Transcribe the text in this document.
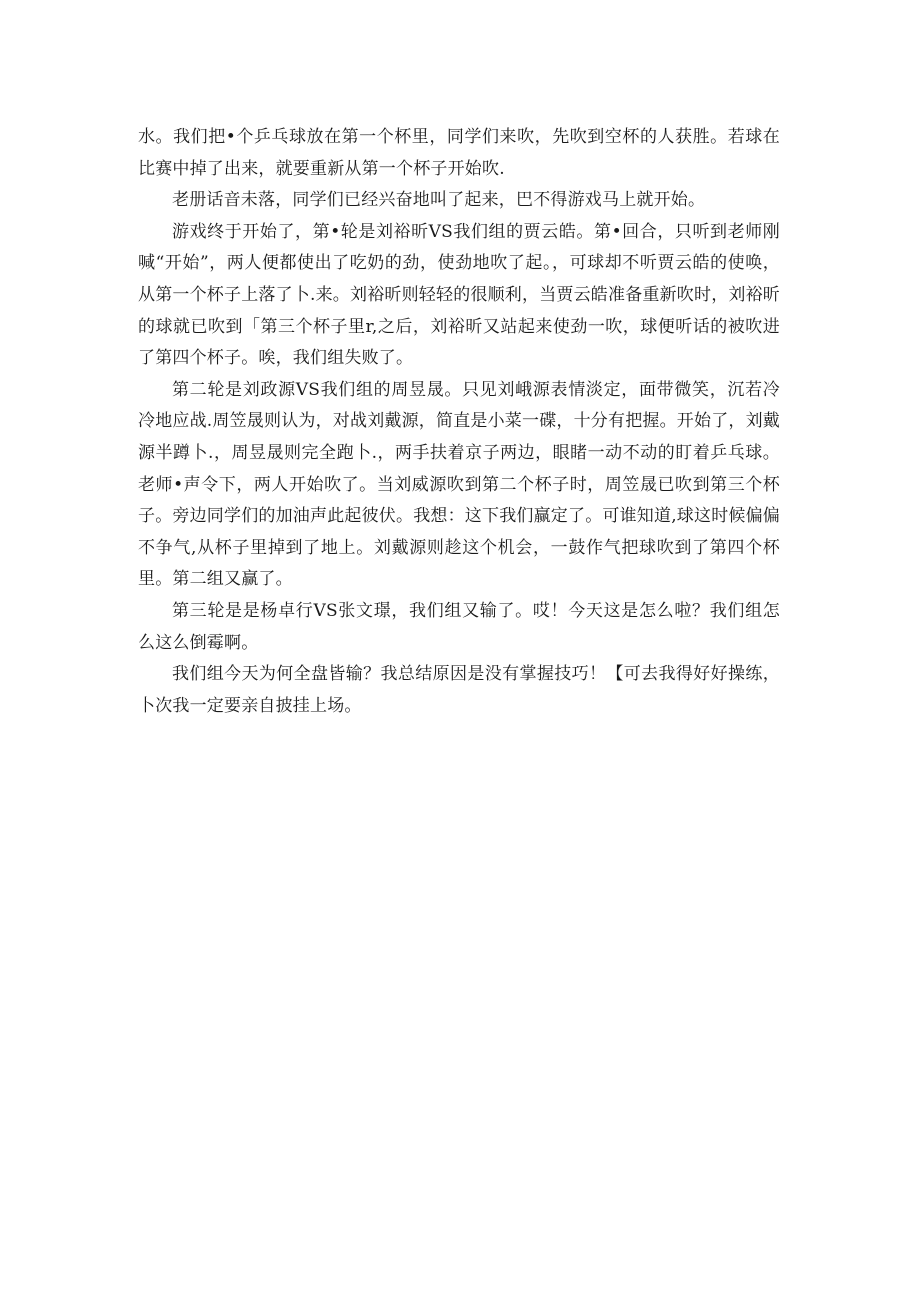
水。我们把•个乒乓球放在第一个杯里，同学们来吹，先吹到空杯的人获胜。若球在比赛中掉了出来，就要重新从第一个杯子开始吹.

老册话音未落，同学们已经兴奋地叫了起来，巴不得游戏马上就开始。

游戏终于开始了，第•轮是刘裕昕VS我们组的贾云皓。第•回合，只听到老师刚喊“开始”，两人便都使出了吃奶的劲，使劲地吹了起。，可球却不听贾云皓的使唤，从第一个杯子上落了卜.来。刘裕昕则轻轻的很顺利，当贾云皓准备重新吹时，刘裕昕的球就已吹到「第三个杯子里r,之后，刘裕昕又站起来使劲一吹，球便听话的被吹进了第四个杯子。唉，我们组失败了。

第二轮是刘政源VS我们组的周昱晟。只见刘峨源表情淡定，面带微笑，沉若冷冷地应战.周笠晟则认为，对战刘戴源，简直是小菜一碟，十分有把握。开始了，刘戴源半蹲卜.，周昱晟则完全跑卜.，两手扶着京子两边，眼睹一动不动的盯着乒乓球。老师•声令下，两人开始吹了。当刘威源吹到第二个杯子时，周笠晟已吹到第三个杯子。旁边同学们的加油声此起彼伏。我想：这下我们赢定了。可谁知道,球这时候偏偏不争气,从杯子里掉到了地上。刘戴源则趁这个机会，一鼓作气把球吹到了第四个杯里。第二组又赢了。

第三轮是是杨卓行VS张文璟，我们组又输了。哎！今天这是怎么啦？我们组怎么这么倒霉啊。

我们组今天为何全盘皆输？我总结原因是没有掌握技巧！【可去我得好好操练，卜次我一定要亲自披挂上场。
